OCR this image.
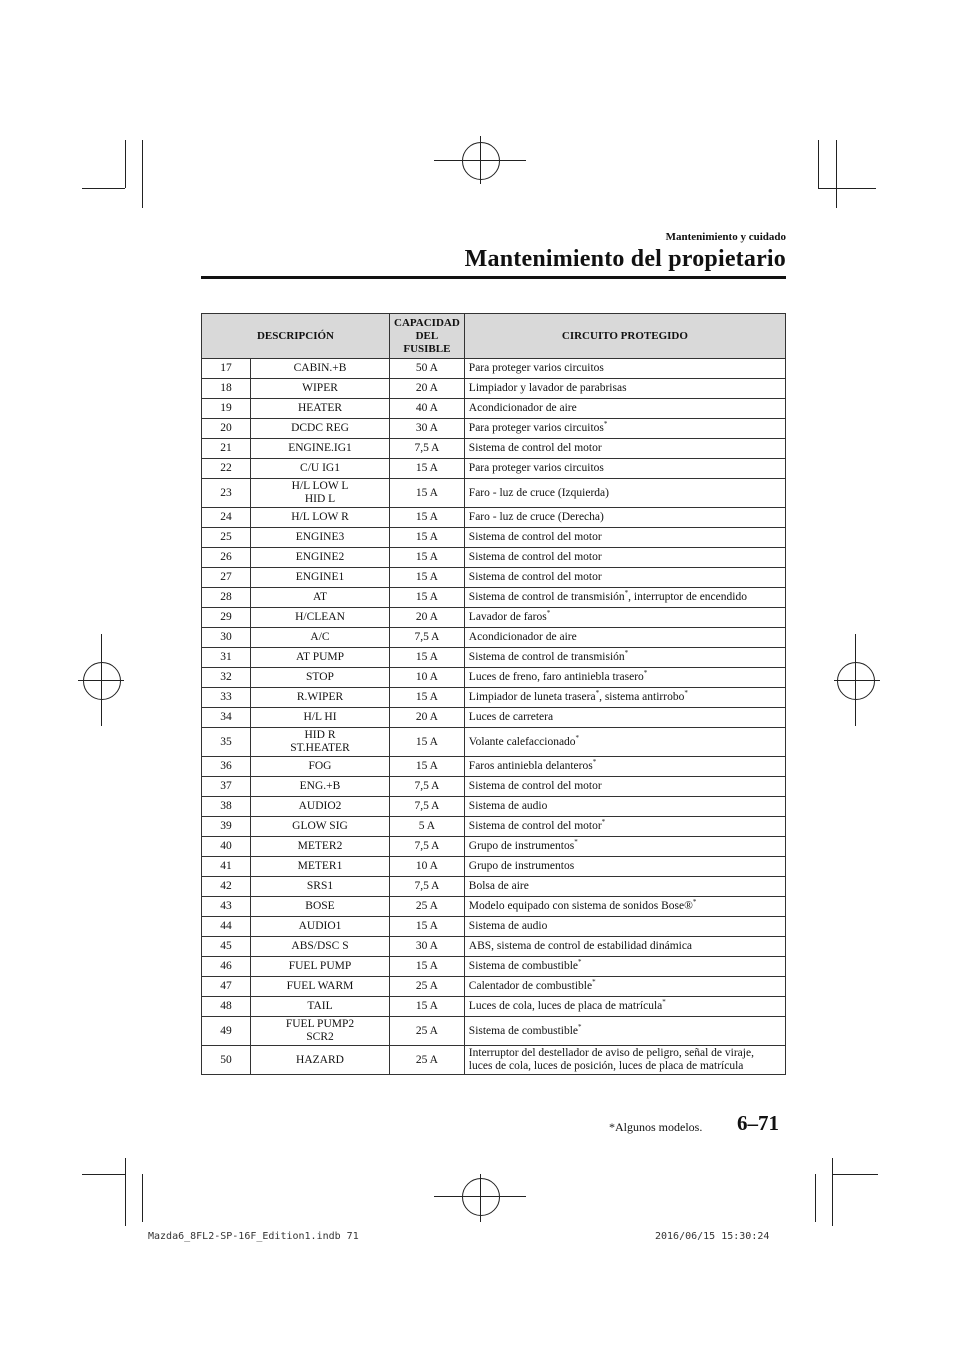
Mantenimiento y cuidado
Mantenimiento del propietario
DESCRIPCIÓN		CAPACIDAD
DEL
FUSIBLE	CIRCUITO PROTEGIDO
17	CABIN.+B	50 A	Para proteger varios circuitos
18	WIPER	20 A	Limpiador y lavador de parabrisas
19	HEATER	40 A	Acondicionador de aire
20	DCDC REG	30 A	Para proteger varios circuitos*
21	ENGINE.IG1	7,5 A	Sistema de control del motor
22	C/U IG1	15 A	Para proteger varios circuitos
23	H/L LOW L
HID L	15 A	Faro - luz de cruce (Izquierda)
24	H/L LOW R	15 A	Faro - luz de cruce (Derecha)
25	ENGINE3	15 A	Sistema de control del motor
26	ENGINE2	15 A	Sistema de control del motor
27	ENGINE1	15 A	Sistema de control del motor
28	AT	15 A	Sistema de control de transmisión*, interruptor de encendido
29	H/CLEAN	20 A	Lavador de faros*
30	A/C	7,5 A	Acondicionador de aire
31	AT PUMP	15 A	Sistema de control de transmisión*
32	STOP	10 A	Luces de freno, faro antiniebla trasero*
33	R.WIPER	15 A	Limpiador de luneta trasera*, sistema antirrobo*
34	H/L HI	20 A	Luces de carretera
35	HID R
ST.HEATER	15 A	Volante calefaccionado*
36	FOG	15 A	Faros antiniebla delanteros*
37	ENG.+B	7,5 A	Sistema de control del motor
38	AUDIO2	7,5 A	Sistema de audio
39	GLOW SIG	5 A	Sistema de control del motor*
40	METER2	7,5 A	Grupo de instrumentos*
41	METER1	10 A	Grupo de instrumentos
42	SRS1	7,5 A	Bolsa de aire
43	BOSE	25 A	Modelo equipado con sistema de sonidos Bose®*
44	AUDIO1	15 A	Sistema de audio
45	ABS/DSC S	30 A	ABS, sistema de control de estabilidad dinámica
46	FUEL PUMP	15 A	Sistema de combustible*
47	FUEL WARM	25 A	Calentador de combustible*
48	TAIL	15 A	Luces de cola, luces de placa de matrícula*
49	FUEL PUMP2
SCR2	25 A	Sistema de combustible*
50	HAZARD	25 A	Interruptor del destellador de aviso de peligro, señal de viraje,
luces de cola, luces de posición, luces de placa de matrícula
*Algunos modelos. 6–71
Mazda6_8FL2-SP-16F_Edition1.indb 71	2016/06/15 15:30:24
